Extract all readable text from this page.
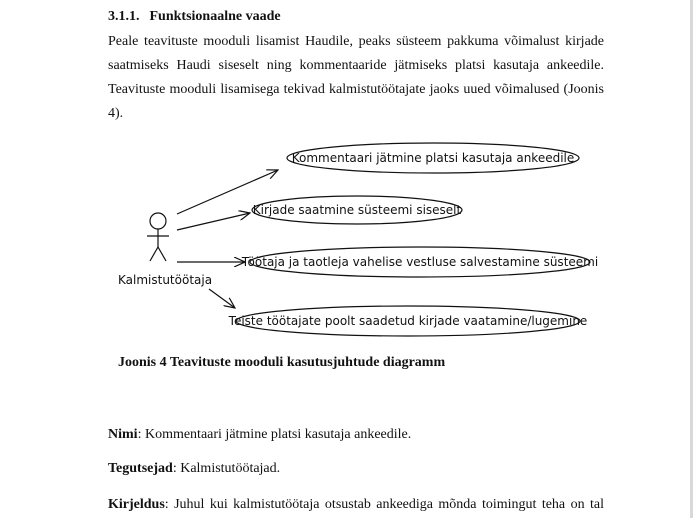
3.1.1. Funktsionaalne vaade

Peale teavituste mooduli lisamist Haudile, peaks süsteem pakkuma võimalust kirjade
saatmiseks Haudi siseselt ning kommentaaride jätmiseks platsi kasutaja ankeedile.
Teavituste mooduli lisamisega tekivad kalmistutöötajate jaoks uued võimalused (Joonis
4).

Kalmistutöötaja
Kommentaari jätmine platsi kasutaja ankeedile
Kirjade saatmine süsteemi siseselt
Töötaja ja taotleja vahelise vestluse salvestamine süsteemi
Teiste töötajate poolt saadetud kirjade vaatamine/lugemine
Joonis 4 Teavituste mooduli kasutusjuhtude diagramm
Nimi: Kommentaari jätmine platsi kasutaja ankeedile.
Tegutsejad: Kalmistutöötajad.
Kirjeldus: Juhul kui kalmistutöötaja otsustab ankeediga mõnda toimingut teha on tal
